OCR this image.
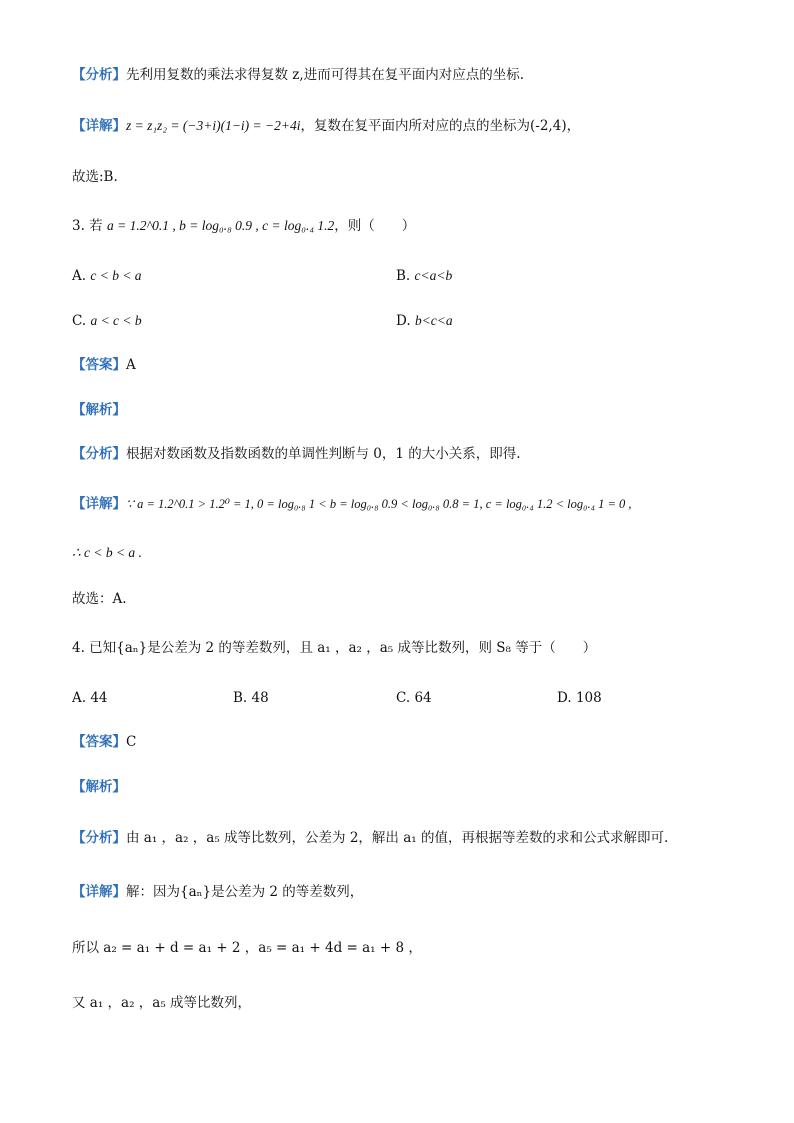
【分析】先利用复数的乘法求得复数 z,进而可得其在复平面内对应点的坐标.
【详解】z = z₁z₂ = (−3+i)(1−i) = −2+4i，复数在复平面内所对应的点的坐标为(-2,4)，
故选:B.
3. 若 a = 1.2^0.1 , b = log₀.₈ 0.9 , c = log₀.₄ 1.2，则（　　）
A. c < b < a	B. c<a<b
C. a < c < b	D. b<c<a
【答案】A
【解析】
【分析】根据对数函数及指数函数的单调性判断与 0，1 的大小关系，即得.
【详解】∵ a = 1.2^0.1 > 1.2⁰ = 1, 0 = log₀.₈ 1 < b = log₀.₈ 0.9 < log₀.₈ 0.8 = 1, c = log₀.₄ 1.2 < log₀.₄ 1 = 0 ,
∴ c < b < a .
故选：A.
4. 已知{aₙ}是公差为 2 的等差数列，且 a₁ ，a₂ ，a₅ 成等比数列，则 S₈ 等于（　　）
A. 44	B. 48	C. 64	D. 108
【答案】C
【解析】
【分析】由 a₁ ，a₂ ，a₅ 成等比数列，公差为 2，解出 a₁ 的值，再根据等差数的求和公式求解即可.
【详解】解：因为{aₙ}是公差为 2 的等差数列，
所以 a₂ = a₁ + d = a₁ + 2 ，a₅ = a₁ + 4d = a₁ + 8 ，
又 a₁ ，a₂ ，a₅ 成等比数列，
